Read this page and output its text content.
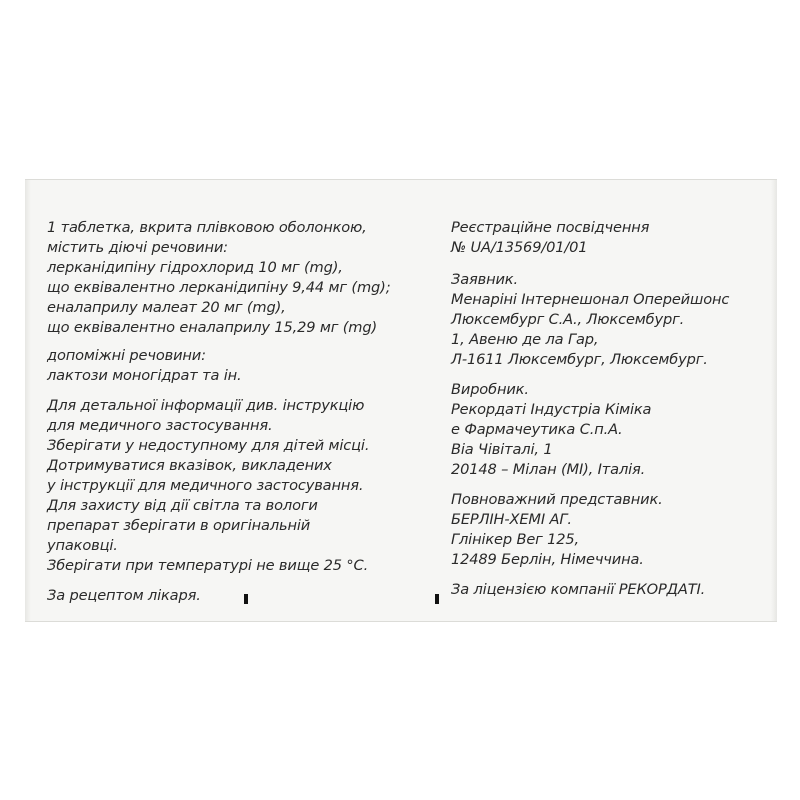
1 таблетка, вкрита плівковою оболонкою,
містить діючі речовини:
лерканідипіну гідрохлорид 10 мг (mg),
що еквівалентно лерканідипіну 9,44 мг (mg);
еналаприлу малеат 20 мг (mg),
що еквівалентно еналаприлу 15,29 мг (mg)
допоміжні речовини:
лактози моногідрат та ін.
Для детальної інформації див. інструкцію
для медичного застосування.
Зберігати у недоступному для дітей місці.
Дотримуватися вказівок, викладених
у інструкції для медичного застосування.
Для захисту від дії світла та вологи
препарат зберігати в оригінальній
упаковці.
Зберігати при температурі не вище 25 °C.
За рецептом лікаря.
Реєстраційне посвідчення
№ UA/13569/01/01
Заявник.
Менаріні Інтернешонал Оперейшонс
Люксембург С.А., Люксембург.
1, Авеню де ла Гар,
Л-1611 Люксембург, Люксембург.
Виробник.
Рекордаті Індустріа Кіміка
е Фармачеутика С.п.А.
Віа Чівіталі, 1
20148 – Мілан (МІ), Італія.
Повноважний представник.
БЕРЛІН-ХЕМІ АГ.
Глінікер Вег 125,
12489 Берлін, Німеччина.
За ліцензією компанії РЕКОРДАТІ.
